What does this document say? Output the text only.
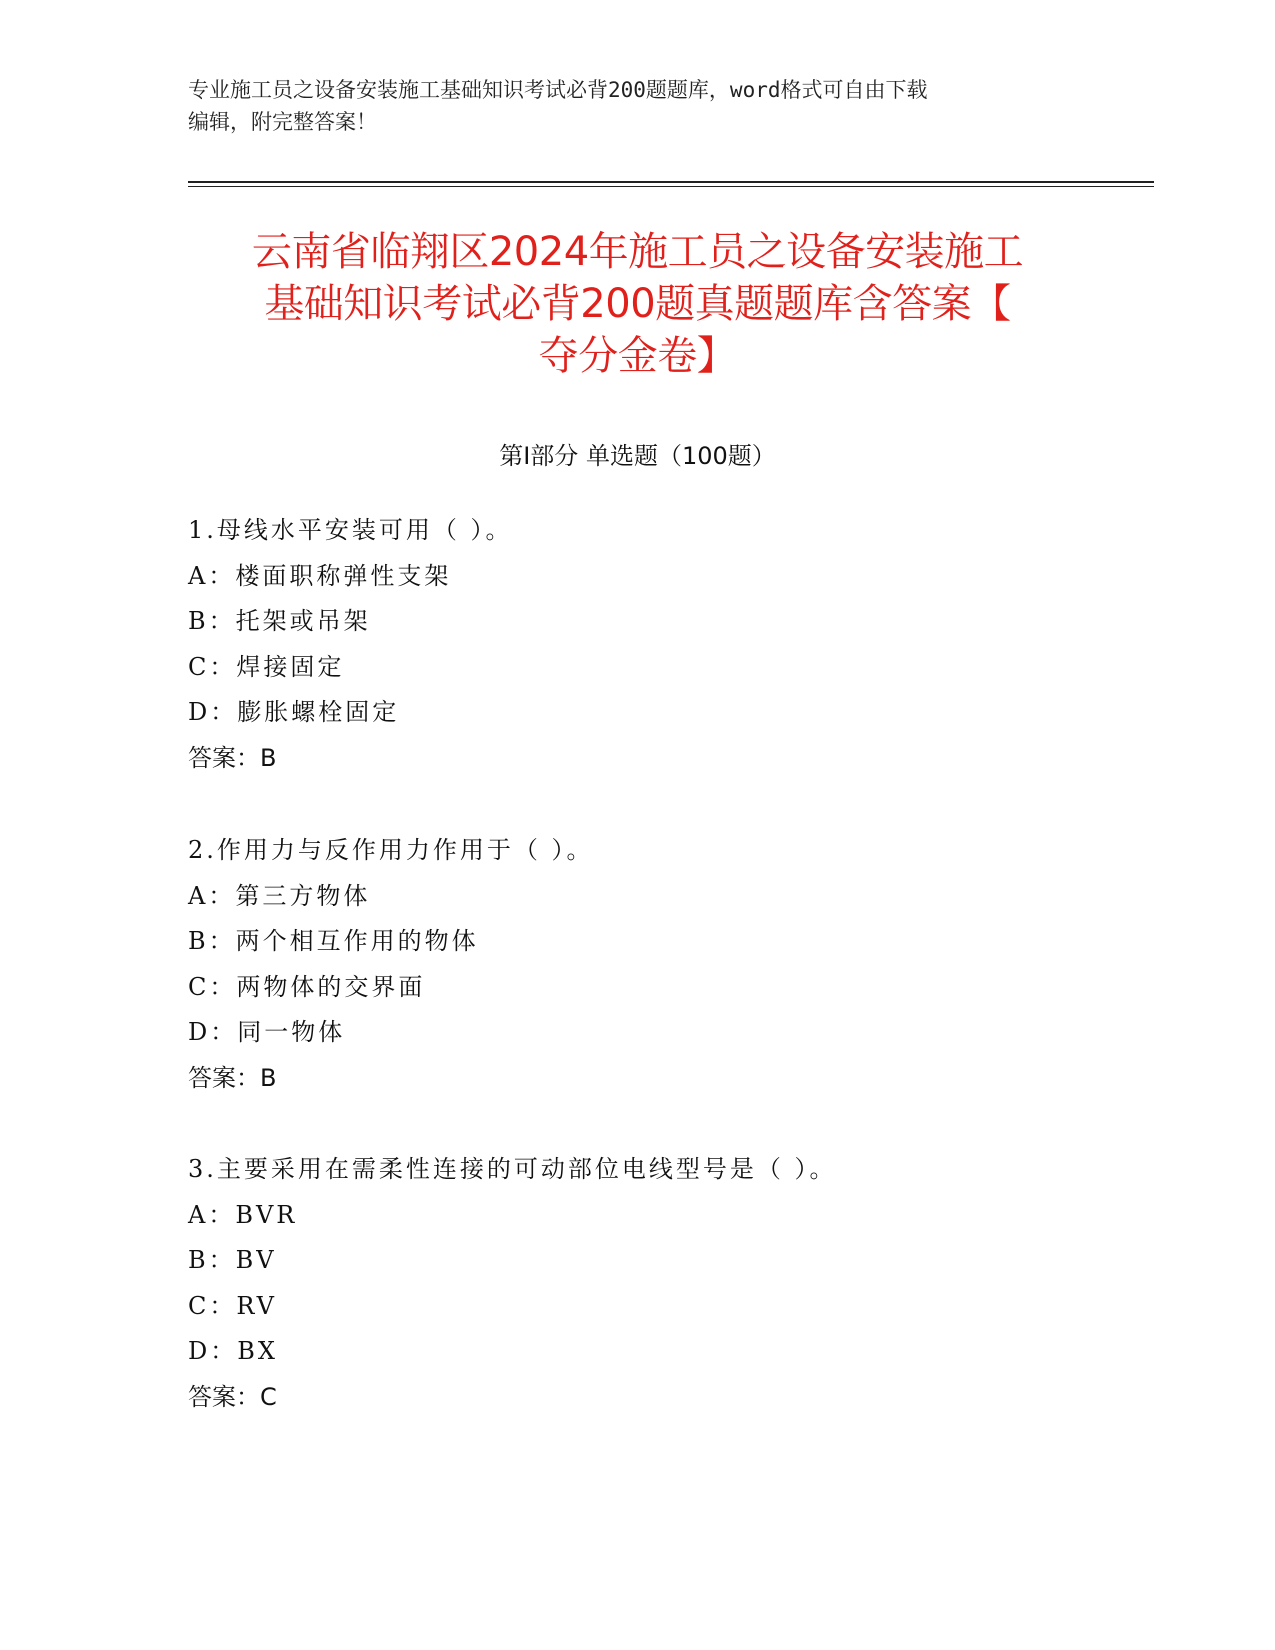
专业施工员之设备安装施工基础知识考试必背200题题库，word格式可自由下载
编辑，附完整答案！
云南省临翔区2024年施工员之设备安装施工
基础知识考试必背200题真题题库含答案【
夺分金卷】
第Ⅰ部分 单选题（100题）
1.母线水平安装可用（ ）。
A：楼面职称弹性支架
B：托架或吊架
C：焊接固定
D：膨胀螺栓固定
答案：B
2.作用力与反作用力作用于（ ）。
A：第三方物体
B：两个相互作用的物体
C：两物体的交界面
D：同一物体
答案：B
3.主要采用在需柔性连接的可动部位电线型号是（ ）。
A：BVR
B：BV
C：RV
D：BX
答案：C
